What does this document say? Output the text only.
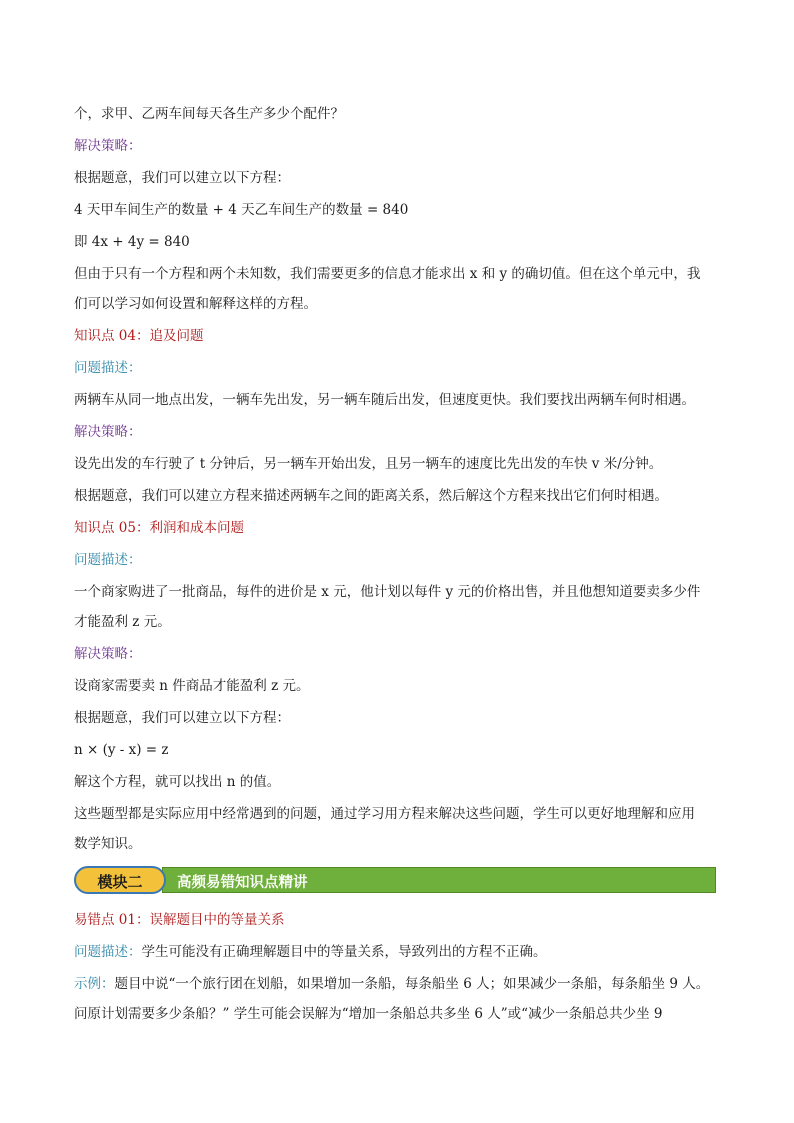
个，求甲、乙两车间每天各生产多少个配件？
解决策略：
根据题意，我们可以建立以下方程：
4 天甲车间生产的数量 + 4 天乙车间生产的数量 = 840
即 4x + 4y = 840
但由于只有一个方程和两个未知数，我们需要更多的信息才能求出 x 和 y 的确切值。但在这个单元中，我
们可以学习如何设置和解释这样的方程。
知识点 04：追及问题
问题描述：
两辆车从同一地点出发，一辆车先出发，另一辆车随后出发，但速度更快。我们要找出两辆车何时相遇。
解决策略：
设先出发的车行驶了 t 分钟后，另一辆车开始出发，且另一辆车的速度比先出发的车快 v 米/分钟。
根据题意，我们可以建立方程来描述两辆车之间的距离关系，然后解这个方程来找出它们何时相遇。
知识点 05：利润和成本问题
问题描述：
一个商家购进了一批商品，每件的进价是 x 元，他计划以每件 y 元的价格出售，并且他想知道要卖多少件
才能盈利 z 元。
解决策略：
设商家需要卖 n 件商品才能盈利 z 元。
根据题意，我们可以建立以下方程：
n × (y - x) = z
解这个方程，就可以找出 n 的值。
这些题型都是实际应用中经常遇到的问题，通过学习用方程来解决这些问题，学生可以更好地理解和应用
数学知识。
高频易错知识点精讲
模块二
易错点 01：误解题目中的等量关系
问题描述：学生可能没有正确理解题目中的等量关系，导致列出的方程不正确。
示例：题目中说“一个旅行团在划船，如果增加一条船，每条船坐 6 人；如果减少一条船，每条船坐 9 人。
问原计划需要多少条船？” 学生可能会误解为“增加一条船总共多坐 6 人”或“减少一条船总共少坐 9
